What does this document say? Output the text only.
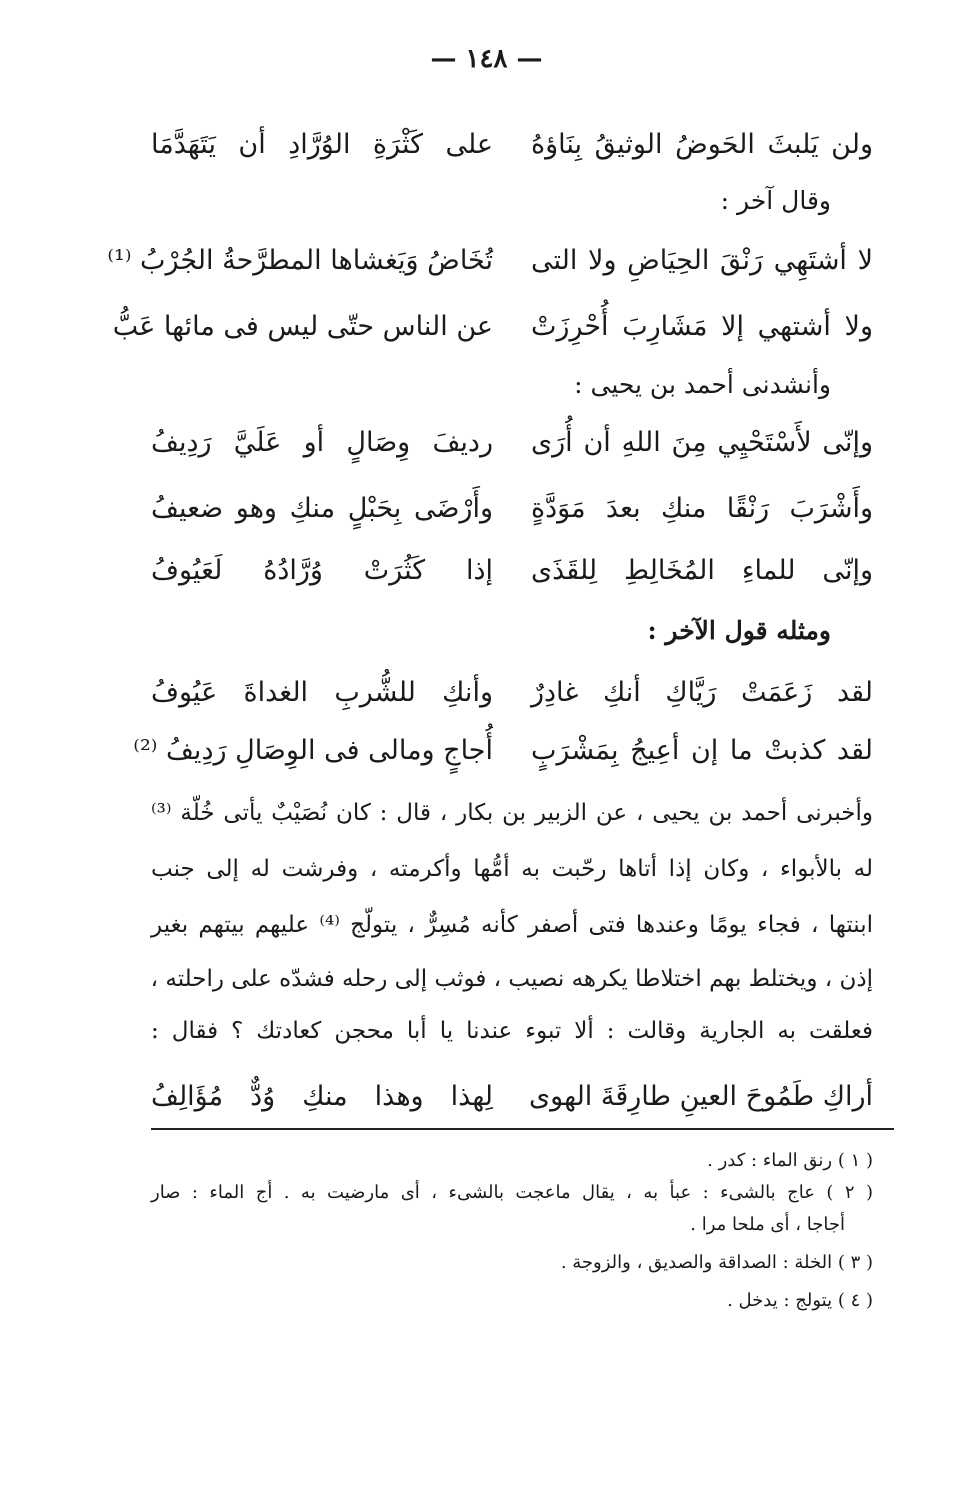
— ١٤٨ —
ولن يَلبثَ الحَوضُ الوثيقُ بِنَاؤهُ
على كَثْرَةِ الوُرَّادِ أن يَتَهَدَّمَا
وقال آخر :
لا أشتَهِي رَنْقَ الحِيَاضِ ولا التى
تُخَاضُ وَيَغشاها المطرَّحةُ الجُرْبُ ⁽¹⁾
ولا أشتهي إلا مَشَارِبَ أُحْرِزَتْ
عن الناس حتّى ليس فى مائها عَبُّ
وأنشدنى أحمد بن يحيى :
وإنّى لأَسْتَحْيِي مِنَ اللهِ أن أُرَى
رديفَ وِصَالٍ أو عَلَيَّ رَدِيفُ
وأَشْرَبَ رَنْقًا منكِ بعدَ مَوَدَّةٍ
وأَرْضَى بِحَبْلٍ منكِ وهو ضعيفُ
وإنّى للماءِ المُخَالِطِ لِلقَذَى
إذا كَثُرَتْ وُرَّادُهُ لَعَيُوفُ
ومثله قول الآخر :
لقد زَعَمَتْ رَيَّاكِ أنكِ غادِرٌ
وأنكِ للشُّربِ الغداةَ عَيُوفُ
لقد كذبتْ ما إن أعِيجُ بِمَشْرَبٍ
أُجاجٍ ومالى فى الوِصَالِ رَدِيفُ ⁽²⁾
وأخبرنى أحمد بن يحيى ، عن الزبير بن بكار ، قال : كان نُصَيْبٌ يأتى خُلّة ⁽³⁾
له بالأبواء ، وكان إذا أتاها رحّبت به أمُّها وأكرمته ، وفرشت له إلى جنب
ابنتها ، فجاء يومًا وعندها فتى أصفر كأنه مُسِرٌّ ، يتولّج ⁽⁴⁾ عليهم بيتهم بغير
إذن ، ويختلط بهم اختلاطا يكرهه نصيب ، فوثب إلى رحله فشدّه على راحلته ،
فعلقت به الجارية وقالت : ألا تبوء عندنا يا أبا محجن كعادتك ؟ فقال :
أراكِ طَمُوحَ العينِ طارِقَةَ الهوى
لِهذا وهذا منكِ وُدٌّ مُؤَالِفُ
( ١ ) رنق الماء : كدر .
( ٢ ) عاج بالشىء : عبأ به ، يقال ماعجت بالشىء ، أى مارضيت به . أج الماء : صار
أجاجا ، أى ملحا مرا .
( ٣ ) الخلة : الصداقة والصديق ، والزوجة .
( ٤ ) يتولج : يدخل .
